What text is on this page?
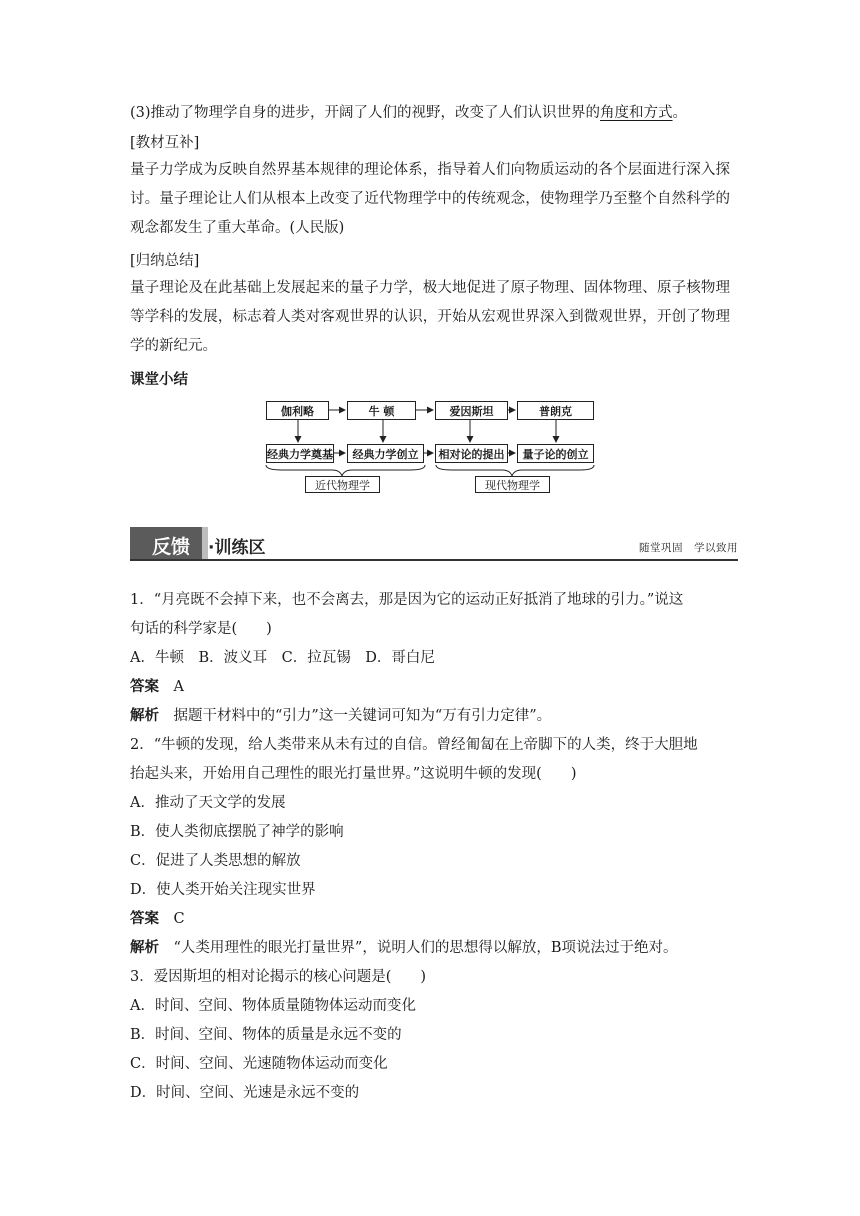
(3)推动了物理学自身的进步，开阔了人们的视野，改变了人们认识世界的角度和方式。
[教材互补]
量子力学成为反映自然界基本规律的理论体系，指导着人们向物质运动的各个层面进行深入探讨。量子理论让人们从根本上改变了近代物理学中的传统观念，使物理学乃至整个自然科学的观念都发生了重大革命。(人民版)
[归纳总结]
量子理论及在此基础上发展起来的量子力学，极大地促进了原子物理、固体物理、原子核物理等学科的发展，标志着人类对客观世界的认识，开始从宏观世界深入到微观世界，开创了物理学的新纪元。
课堂小结
伽利略	牛 顿	爱因斯坦	普朗克
经典力学奠基	经典力学创立	相对论的提出	量子论的创立
近代物理学	现代物理学
反馈 ·训练区	随堂巩固　学以致用
1．“月亮既不会掉下来，也不会离去，那是因为它的运动正好抵消了地球的引力。”说这
句话的科学家是(　　)
A．牛顿　B．波义耳　C．拉瓦锡　D．哥白尼
答案　 A
解析　 据题干材料中的“引力”这一关键词可知为“万有引力定律”。
2．“牛顿的发现，给人类带来从未有过的自信。曾经匍匐在上帝脚下的人类，终于大胆地
抬起头来，开始用自己理性的眼光打量世界。”这说明牛顿的发现(　　)
A．推动了天文学的发展
B．使人类彻底摆脱了神学的影响
C．促进了人类思想的解放
D．使人类开始关注现实世界
答案　 C
解析　 “人类用理性的眼光打量世界”，说明人们的思想得以解放，B项说法过于绝对。
3．爱因斯坦的相对论揭示的核心问题是(　　)
A．时间、空间、物体质量随物体运动而变化
B．时间、空间、物体的质量是永远不变的
C．时间、空间、光速随物体运动而变化
D．时间、空间、光速是永远不变的
